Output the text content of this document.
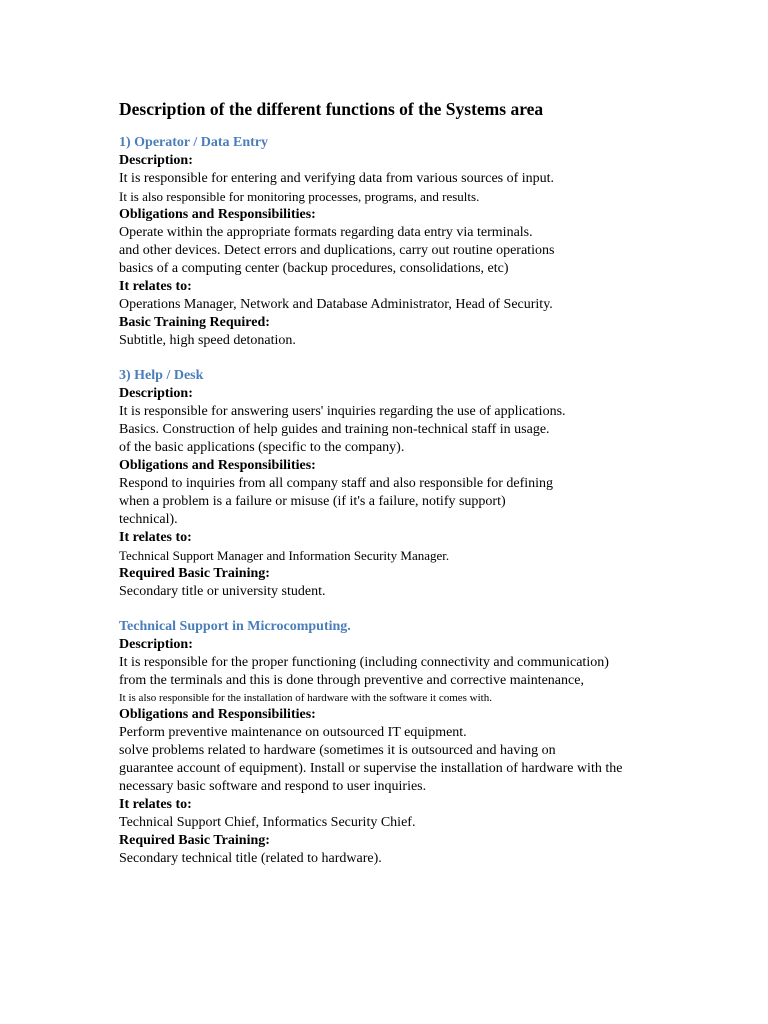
Description of the different functions of the Systems area
1) Operator / Data Entry
Description:
It is responsible for entering and verifying data from various sources of input.
It is also responsible for monitoring processes, programs, and results.
Obligations and Responsibilities:
Operate within the appropriate formats regarding data entry via terminals.
and other devices. Detect errors and duplications, carry out routine operations
basics of a computing center (backup procedures, consolidations, etc)
It relates to:
Operations Manager, Network and Database Administrator, Head of Security.
Basic Training Required:
Subtitle, high speed detonation.
3) Help / Desk
Description:
It is responsible for answering users' inquiries regarding the use of applications.
Basics. Construction of help guides and training non-technical staff in usage.
of the basic applications (specific to the company).
Obligations and Responsibilities:
Respond to inquiries from all company staff and also responsible for defining
when a problem is a failure or misuse (if it's a failure, notify support)
technical).
It relates to:
Technical Support Manager and Information Security Manager.
Required Basic Training:
Secondary title or university student.
Technical Support in Microcomputing.
Description:
It is responsible for the proper functioning (including connectivity and communication)
from the terminals and this is done through preventive and corrective maintenance,
It is also responsible for the installation of hardware with the software it comes with.
Obligations and Responsibilities:
Perform preventive maintenance on outsourced IT equipment.
solve problems related to hardware (sometimes it is outsourced and having on
guarantee account of equipment). Install or supervise the installation of hardware with the
necessary basic software and respond to user inquiries.
It relates to:
Technical Support Chief, Informatics Security Chief.
Required Basic Training:
Secondary technical title (related to hardware).
